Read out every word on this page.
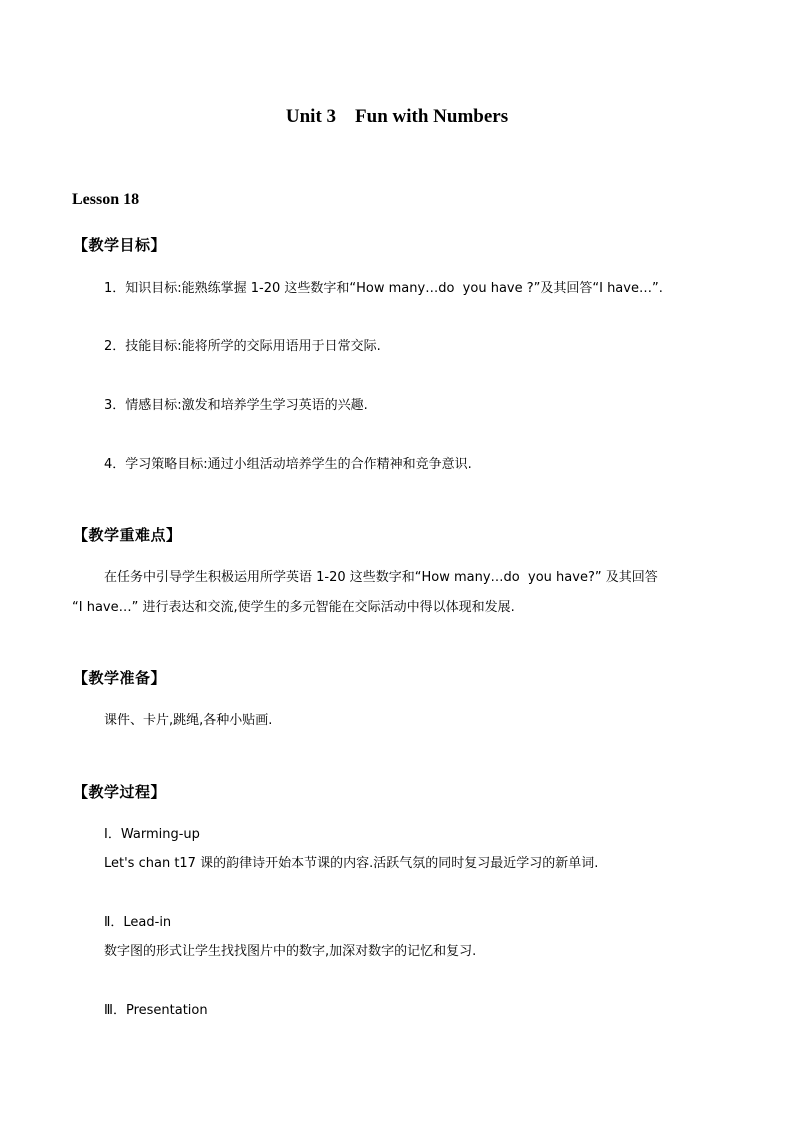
Unit 3    Fun with Numbers
Lesson 18
【教学目标】
1．知识目标:能熟练掌握 1-20 这些数字和“How many…do  you have ?”及其回答“I have…”.
2．技能目标:能将所学的交际用语用于日常交际.
3．情感目标:激发和培养学生学习英语的兴趣.
4．学习策略目标:通过小组活动培养学生的合作精神和竞争意识.
【教学重难点】
在任务中引导学生积极运用所学英语 1-20 这些数字和“How many…do  you have?” 及其回答
“I have…” 进行表达和交流,使学生的多元智能在交际活动中得以体现和发展.
【教学准备】
课件、卡片,跳绳,各种小贴画.
【教学过程】
Ⅰ．Warming-up
Let's chan t17 课的韵律诗开始本节课的内容.活跃气氛的同时复习最近学习的新单词.
Ⅱ．Lead-in
数字图的形式让学生找找图片中的数字,加深对数字的记忆和复习.
Ⅲ．Presentation
